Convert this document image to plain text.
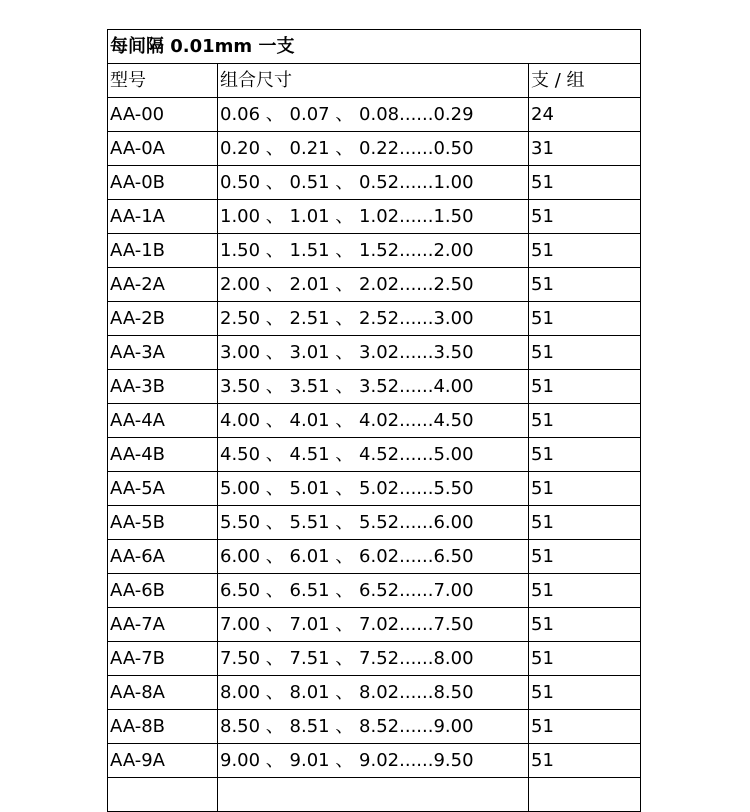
每间隔 0.01mm 一支		
型号	组合尺寸	支 / 组
AA-00	0.06 、 0.07 、 0.08......0.29	24
AA-0A	0.20 、 0.21 、 0.22......0.50	31
AA-0B	0.50 、 0.51 、 0.52......1.00	51
AA-1A	1.00 、 1.01 、 1.02......1.50	51
AA-1B	1.50 、 1.51 、 1.52......2.00	51
AA-2A	2.00 、 2.01 、 2.02......2.50	51
AA-2B	2.50 、 2.51 、 2.52......3.00	51
AA-3A	3.00 、 3.01 、 3.02......3.50	51
AA-3B	3.50 、 3.51 、 3.52......4.00	51
AA-4A	4.00 、 4.01 、 4.02......4.50	51
AA-4B	4.50 、 4.51 、 4.52......5.00	51
AA-5A	5.00 、 5.01 、 5.02......5.50	51
AA-5B	5.50 、 5.51 、 5.52......6.00	51
AA-6A	6.00 、 6.01 、 6.02......6.50	51
AA-6B	6.50 、 6.51 、 6.52......7.00	51
AA-7A	7.00 、 7.01 、 7.02......7.50	51
AA-7B	7.50 、 7.51 、 7.52......8.00	51
AA-8A	8.00 、 8.01 、 8.02......8.50	51
AA-8B	8.50 、 8.51 、 8.52......9.00	51
AA-9A	9.00 、 9.01 、 9.02......9.50	51
